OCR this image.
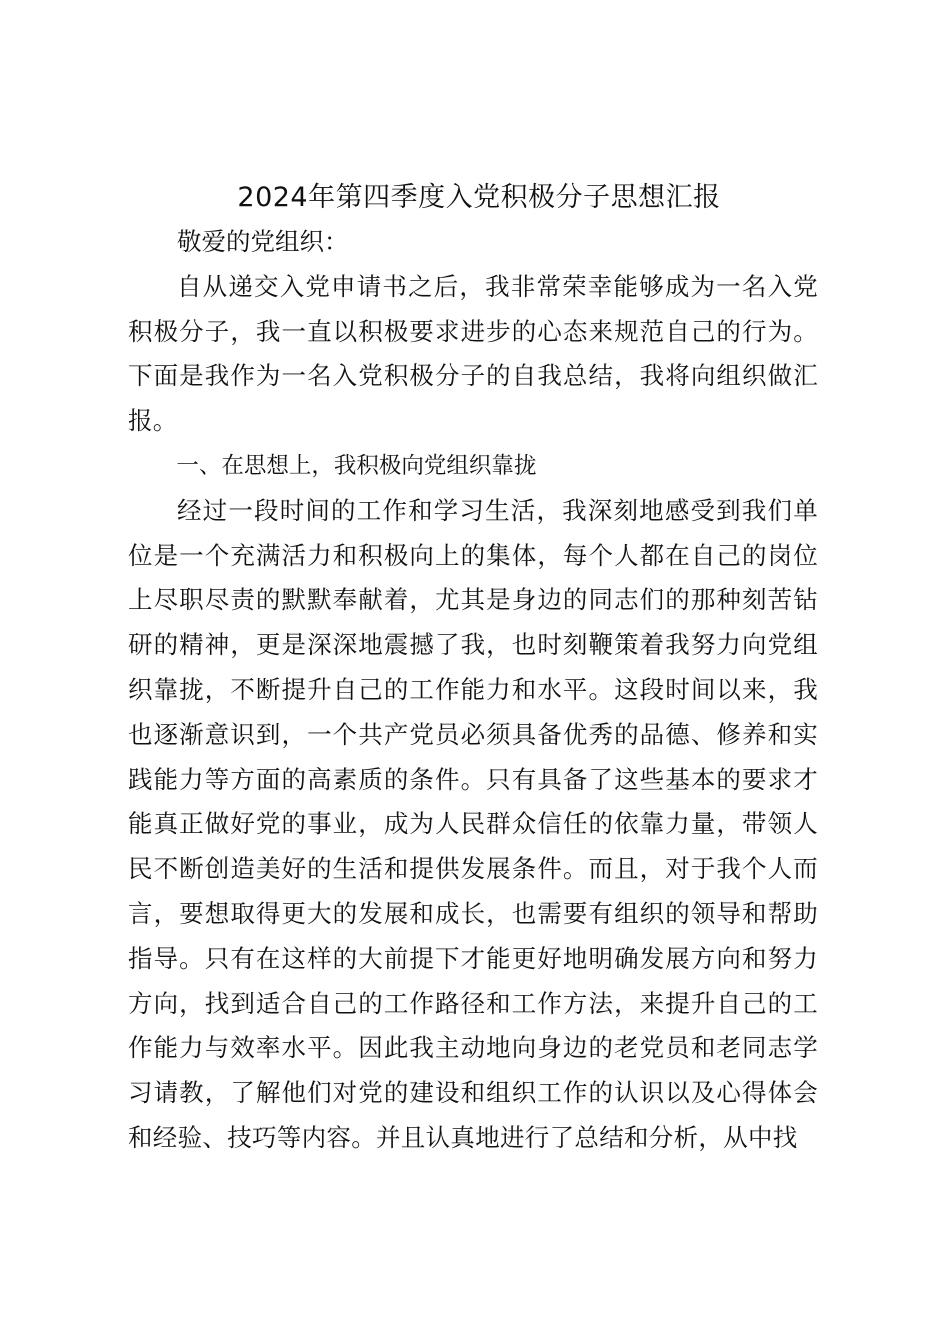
2024年第四季度入党积极分子思想汇报

敬爱的党组织：

自从递交入党申请书之后，我非常荣幸能够成为一名入党积极分子，我一直以积极要求进步的心态来规范自己的行为。下面是我作为一名入党积极分子的自我总结，我将向组织做汇报。

一、在思想上，我积极向党组织靠拢

经过一段时间的工作和学习生活，我深刻地感受到我们单位是一个充满活力和积极向上的集体，每个人都在自己的岗位上尽职尽责的默默奉献着，尤其是身边的同志们的那种刻苦钻研的精神，更是深深地震撼了我，也时刻鞭策着我努力向党组织靠拢，不断提升自己的工作能力和水平。这段时间以来，我也逐渐意识到，一个共产党员必须具备优秀的品德、修养和实践能力等方面的高素质的条件。只有具备了这些基本的要求才能真正做好党的事业，成为人民群众信任的依靠力量，带领人民不断创造美好的生活和提供发展条件。而且，对于我个人而言，要想取得更大的发展和成长，也需要有组织的领导和帮助指导。只有在这样的大前提下才能更好地明确发展方向和努力方向，找到适合自己的工作路径和工作方法，来提升自己的工作能力与效率水平。因此我主动地向身边的老党员和老同志学习请教，了解他们对党的建设和组织工作的认识以及心得体会和经验、技巧等内容。并且认真地进行了总结和分析，从中找
